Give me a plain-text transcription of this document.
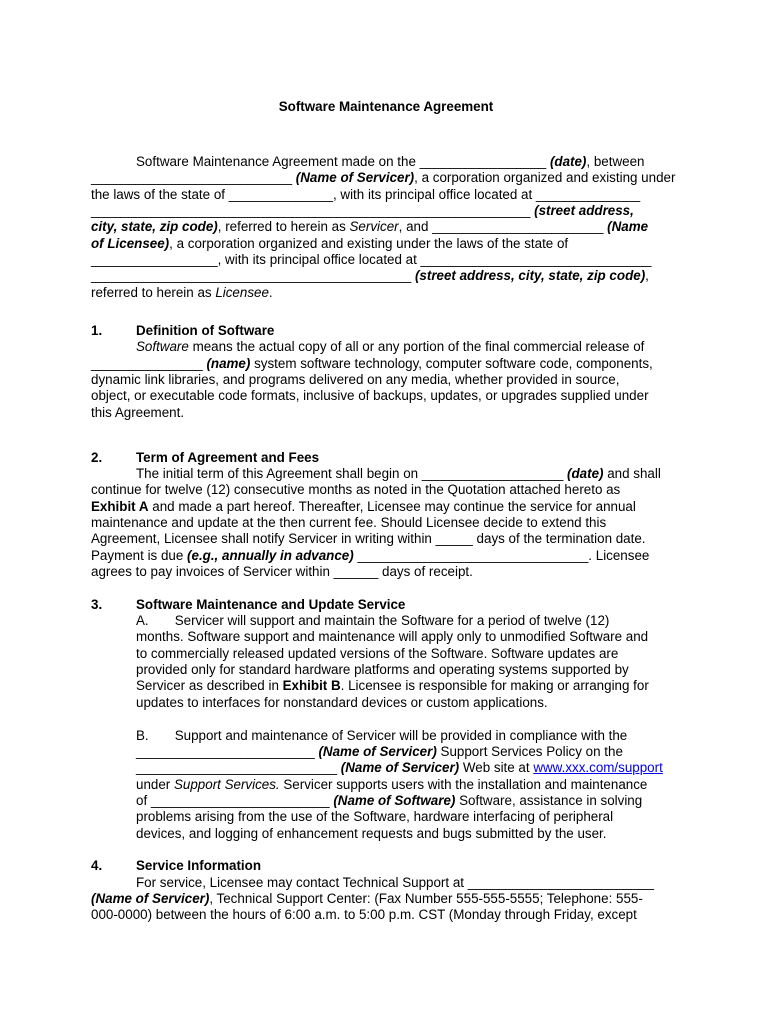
Software Maintenance Agreement
Software Maintenance Agreement made on the _________________ (date), between
___________________________ (Name of Servicer), a corporation organized and existing under
the laws of the state of ______________, with its principal office located at ______________
___________________________________________________________ (street address,
city, state, zip code), referred to herein as Servicer, and _______________________ (Name
of Licensee), a corporation organized and existing under the laws of the state of
_________________, with its principal office located at _______________________________
___________________________________________ (street address, city, state, zip code),
referred to herein as Licensee.
1.	Definition of Software
Software means the actual copy of all or any portion of the final commercial release of
_______________ (name) system software technology, computer software code, components,
dynamic link libraries, and programs delivered on any media, whether provided in source,
object, or executable code formats, inclusive of backups, updates, or upgrades supplied under
this Agreement.
2.	Term of Agreement and Fees
The initial term of this Agreement shall begin on ___________________ (date) and shall
continue for twelve (12) consecutive months as noted in the Quotation attached hereto as
Exhibit A and made a part hereof. Thereafter, Licensee may continue the service for annual
maintenance and update at the then current fee. Should Licensee decide to extend this
Agreement, Licensee shall notify Servicer in writing within _____ days of the termination date.
Payment is due (e.g., annually in advance) _______________________________. Licensee
agrees to pay invoices of Servicer within ______ days of receipt.
3.	Software Maintenance and Update Service
A.       Servicer will support and maintain the Software for a period of twelve (12)
months. Software support and maintenance will apply only to unmodified Software and
to commercially released updated versions of the Software. Software updates are
provided only for standard hardware platforms and operating systems supported by
Servicer as described in Exhibit B. Licensee is responsible for making or arranging for
updates to interfaces for nonstandard devices or custom applications.
B.       Support and maintenance of Servicer will be provided in compliance with the
________________________ (Name of Servicer) Support Services Policy on the
___________________________ (Name of Servicer) Web site at www.xxx.com/support
under Support Services. Servicer supports users with the installation and maintenance
of ________________________ (Name of Software) Software, assistance in solving
problems arising from the use of the Software, hardware interfacing of peripheral
devices, and logging of enhancement requests and bugs submitted by the user.
4.	Service Information
For service, Licensee may contact Technical Support at _________________________
(Name of Servicer), Technical Support Center: (Fax Number 555-555-5555; Telephone: 555-
000-0000) between the hours of 6:00 a.m. to 5:00 p.m. CST (Monday through Friday, except
